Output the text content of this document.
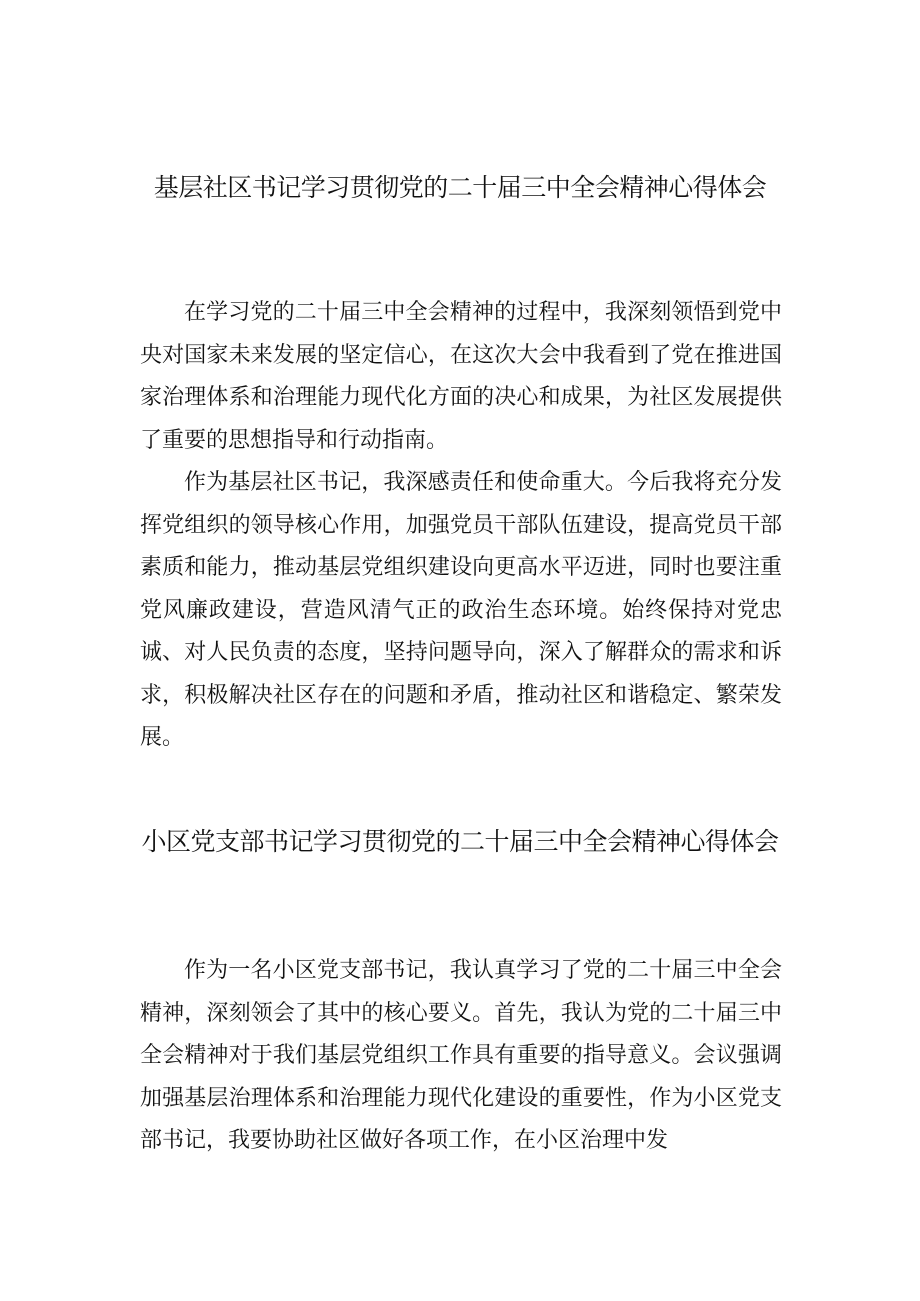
基层社区书记学习贯彻党的二十届三中全会精神心得体会

在学习党的二十届三中全会精神的过程中，我深刻领悟到党中央对国家未来发展的坚定信心，在这次大会中我看到了党在推进国家治理体系和治理能力现代化方面的决心和成果，为社区发展提供了重要的思想指导和行动指南。

作为基层社区书记，我深感责任和使命重大。今后我将充分发挥党组织的领导核心作用，加强党员干部队伍建设，提高党员干部素质和能力，推动基层党组织建设向更高水平迈进，同时也要注重党风廉政建设，营造风清气正的政治生态环境。始终保持对党忠诚、对人民负责的态度，坚持问题导向，深入了解群众的需求和诉求，积极解决社区存在的问题和矛盾，推动社区和谐稳定、繁荣发展。

小区党支部书记学习贯彻党的二十届三中全会精神心得体会

作为一名小区党支部书记，我认真学习了党的二十届三中全会精神，深刻领会了其中的核心要义。首先，我认为党的二十届三中全会精神对于我们基层党组织工作具有重要的指导意义。会议强调加强基层治理体系和治理能力现代化建设的重要性，作为小区党支部书记，我要协助社区做好各项工作，在小区治理中发
